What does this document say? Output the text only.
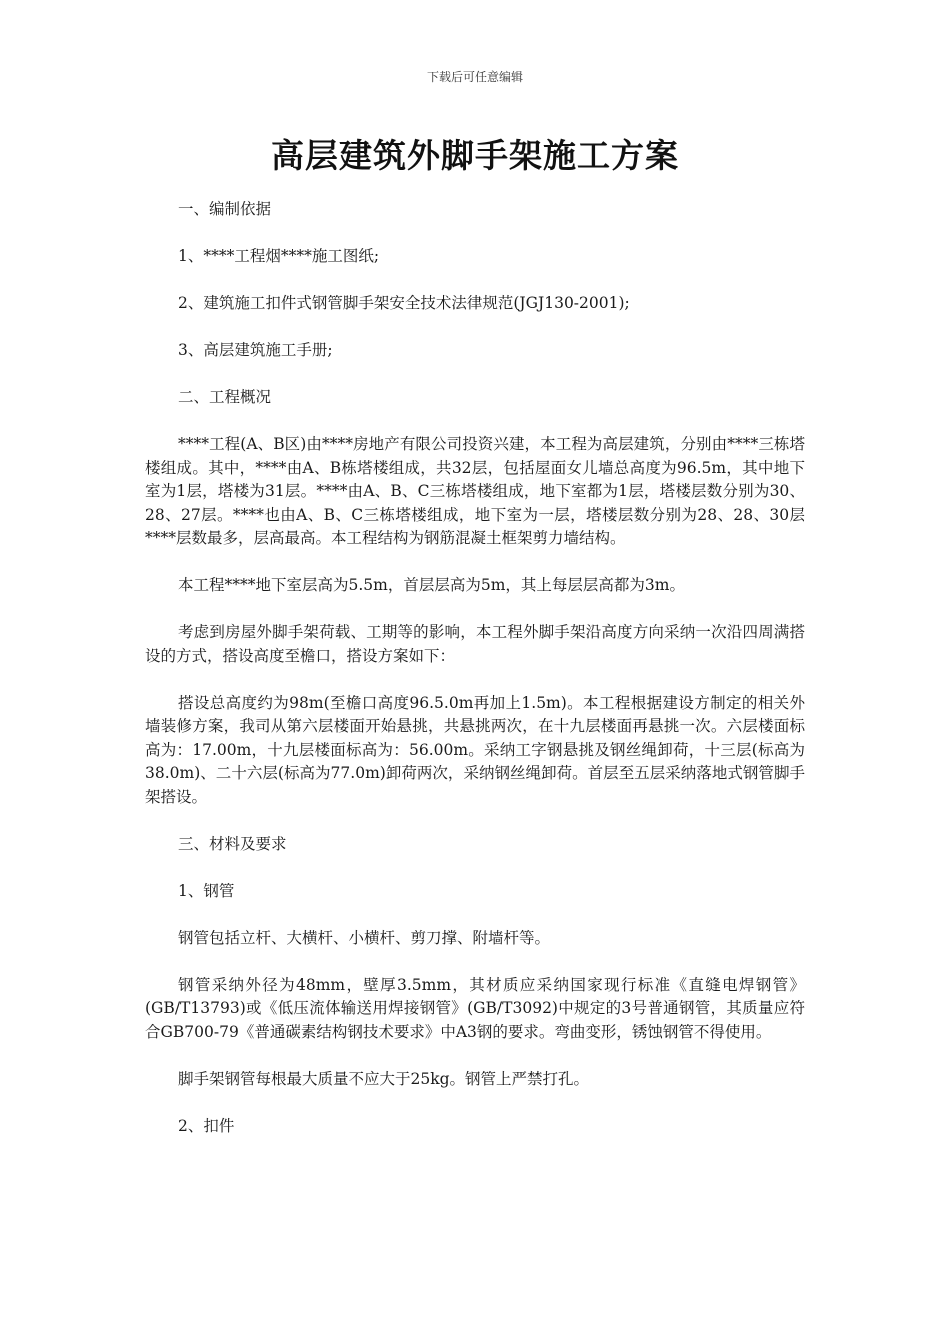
下载后可任意编辑
高层建筑外脚手架施工方案

一、编制依据

1、****工程烟****施工图纸;

2、建筑施工扣件式钢管脚手架安全技术法律规范(JGJ130-2001);

3、高层建筑施工手册;

二、工程概况

****工程(A、B区)由****房地产有限公司投资兴建，本工程为高层建筑，分别由****三栋塔楼组成。其中，****由A、B栋塔楼组成，共32层，包括屋面女儿墙总高度为96.5m，其中地下室为1层，塔楼为31层。****由A、B、C三栋塔楼组成，地下室都为1层，塔楼层数分别为30、28、27层。****也由A、B、C三栋塔楼组成，地下室为一层，塔楼层数分别为28、28、30层****层数最多，层高最高。本工程结构为钢筋混凝土框架剪力墙结构。

本工程****地下室层高为5.5m，首层层高为5m，其上每层层高都为3m。

考虑到房屋外脚手架荷载、工期等的影响，本工程外脚手架沿高度方向采纳一次沿四周满搭设的方式，搭设高度至檐口，搭设方案如下：

搭设总高度约为98m(至檐口高度96.5.0m再加上1.5m)。本工程根据建设方制定的相关外墙装修方案，我司从第六层楼面开始悬挑，共悬挑两次，在十九层楼面再悬挑一次。六层楼面标高为：17.00m，十九层楼面标高为：56.00m。采纳工字钢悬挑及钢丝绳卸荷，十三层(标高为38.0m)、二十六层(标高为77.0m)卸荷两次，采纳钢丝绳卸荷。首层至五层采纳落地式钢管脚手架搭设。

三、材料及要求

1、钢管

钢管包括立杆、大横杆、小横杆、剪刀撑、附墙杆等。

钢管采纳外径为48mm，壁厚3.5mm，其材质应采纳国家现行标准《直缝电焊钢管》(GB/T13793)或《低压流体输送用焊接钢管》(GB/T3092)中规定的3号普通钢管，其质量应符合GB700-79《普通碳素结构钢技术要求》中A3钢的要求。弯曲变形，锈蚀钢管不得使用。

脚手架钢管每根最大质量不应大于25kg。钢管上严禁打孔。

2、扣件
